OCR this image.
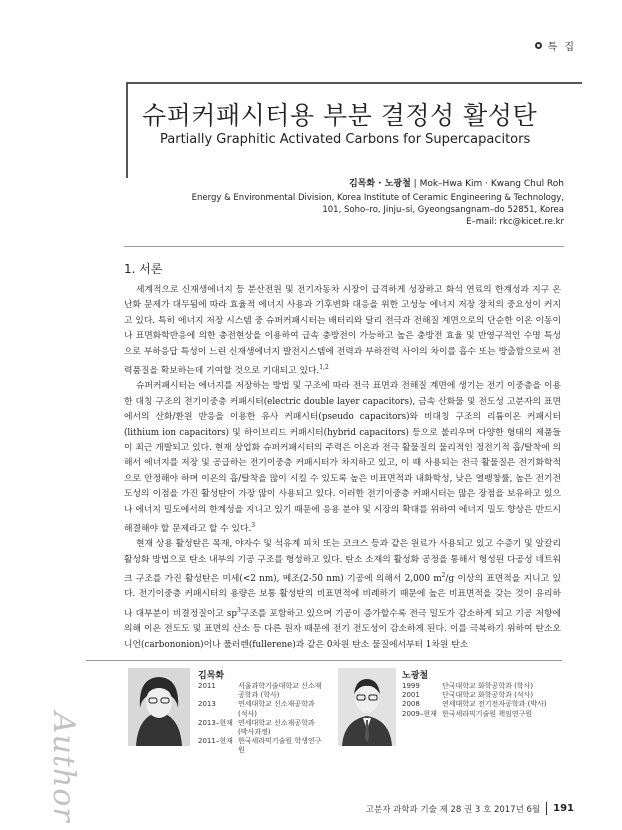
특 집
슈퍼커패시터용 부분 결정성 활성탄
Partially Graphitic Activated Carbons for Supercapacitors
김목화 · 노광철 | Mok–Hwa Kim · Kwang Chul Roh
Energy & Environmental Division, Korea Institute of Ceramic Engineering & Technology,
101, Soho–ro, Jinju–si, Gyeongsangnam–do 52851, Korea
E–mail: rkc@kicet.re.kr
1. 서론

세계적으로 신재생에너지 등 분산전원 및 전기자동차 시장이 급격하게 성장하고 화석 연료의 한계성과 지구 온난화 문제가 대두됨에 따라 효율적 에너지 사용과 기후변화 대응을 위한 고성능 에너지 저장 장치의 중요성이 커지고 있다. 특히 에너지 저장 시스템 중 슈퍼커패시터는 배터리와 달리 전극과 전해질 계면으로의 단순한 이온 이동이나 표면화학반응에 의한 충전현상을 이용하여 급속 충방전이 가능하고 높은 충방전 효율 및 반영구적인 수명 특성으로 부하응답 특성이 느린 신재생에너지 발전시스템에 전력과 부하전력 사이의 차이를 흡수 또는 방출함으로써 전력품질을 확보하는데 기여할 것으로 기대되고 있다.$^{1,2}$

슈퍼커패시터는 에너지를 저장하는 방법 및 구조에 따라 전극 표면과 전해질 계면에 생기는 전기 이중층을 이용한 대칭 구조의 전기이중층 커패시터(electric double layer capacitors), 금속 산화물 및 전도성 고분자의 표면에서의 산화/환원 반응을 이용한 유사 커패시터(pseudo capacitors)와 비대칭 구조의 리튬이온 커패시터(lithium ion capacitors) 및 하이브리드 커패시터(hybrid capacitors) 등으로 불리우며 다양한 형태의 제품들이 최근 개발되고 있다. 현재 상업화 슈퍼커패시터의 주력은 이온과 전극 활물질의 물리적인 정전기적 흡/탈착에 의해서 에너지를 저장 및 공급하는 전기이중층 커패시터가 차지하고 있고, 이 때 사용되는 전극 활물질은 전기화학적으로 안정해야 하며 이온의 흡/탈착을 많이 시킬 수 있도록 높은 비표면적과 내화학성, 낮은 열팽창률, 높은 전기전도성의 이점을 가진 활성탄이 가장 많이 사용되고 있다. 이러한 전기이중층 커패시터는 많은 장점을 보유하고 있으나 에너지 밀도에서의 한계성을 지니고 있기 때문에 응용 분야 및 시장의 확대를 위하여 에너지 밀도 향상은 반드시 해결해야 할 문제라고 할 수 있다.$^3$

현재 상용 활성탄은 목재, 야자수 및 석유계 피치 또는 코크스 등과 같은 원료가 사용되고 있고 수증기 및 알칼리 활성화 방법으로 탄소 내부의 기공 구조를 형성하고 있다. 탄소 소재의 활성화 공정을 통해서 형성된 다공성 네트워크 구조를 가진 활성탄은 미세(<2 nm), 메조(2-50 nm) 기공에 의해서 2,000 $m^2/g$ 이상의 표면적을 지니고 있다. 전기이중층 커패시터의 용량은 보통 활성탄의 비표면적에 비례하기 때문에 높은 비표면적을 갖는 것이 유리하나 대부분이 비결정질이고 $sp^3$구조를 포함하고 있으며 기공이 증가할수록 전극 밀도가 감소하게 되고 기공 저항에 의해 이온 전도도 및 표면의 산소 등 다른 원자 때문에 전기 전도성이 감소하게 된다. 이를 극복하기 위하여 탄소오니언(carbononion)이나 풀러렌(fullerene)과 같은 0차원 탄소 물질에서부터 1차원 탄소

Author
김목화
2011	서울과학기술대학교 신소재공학과 (학사)
2013	연세대학교 신소재공학과 (석사)
2013–현재	연세대학교 신소재공학과 (박사과정)
2011–현재	한국세라믹기술원 학생연구원
노광철
1999	단국대학교 화학공학과 (학사)
2001	단국대학교 화학공학과 (석사)
2008	연세대학교 전기전자공학과 (박사)
2009–현재	한국세라믹기술원 책임연구원
고분자 과학과 기술 제 28 권 3 호 2017년 6월 191
